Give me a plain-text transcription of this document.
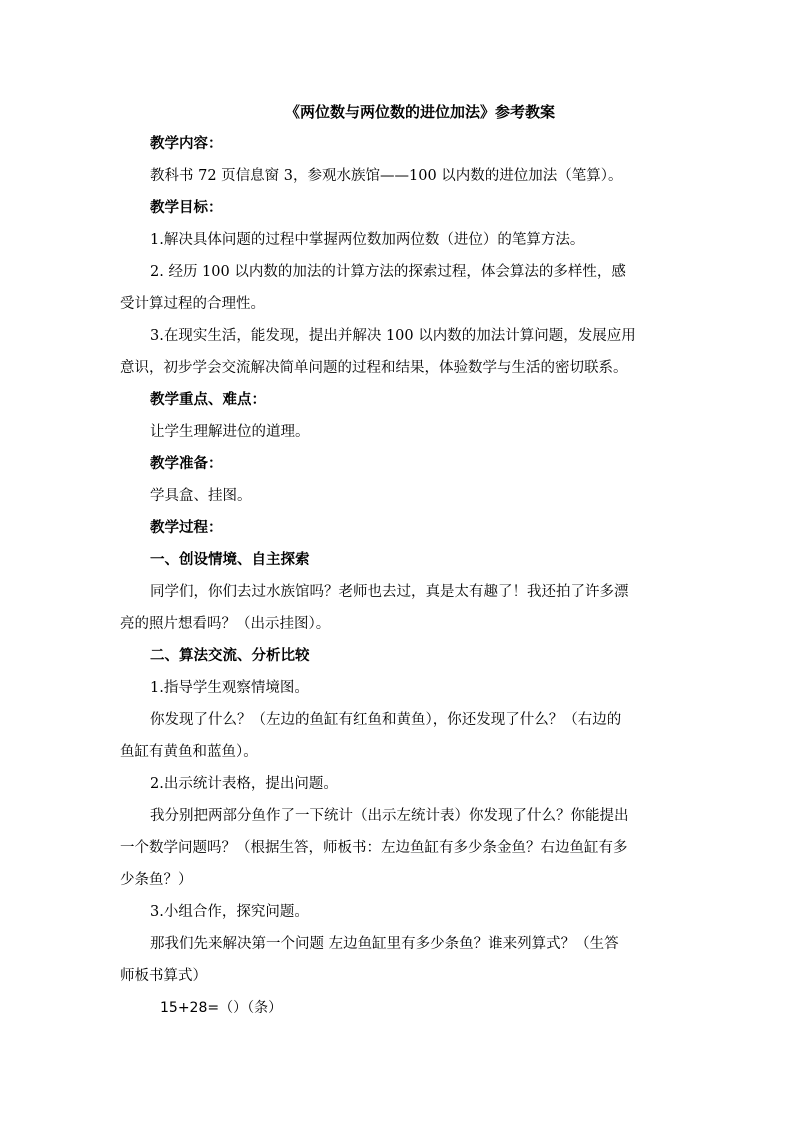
《两位数与两位数的进位加法》参考教案

教学内容：

教科书 72 页信息窗 3，参观水族馆——100 以内数的进位加法（笔算）。

教学目标：

1.解决具体问题的过程中掌握两位数加两位数（进位）的笔算方法。

2. 经历 100 以内数的加法的计算方法的探索过程，体会算法的多样性，感

受计算过程的合理性。

3.在现实生活，能发现，提出并解决 100 以内数的加法计算问题，发展应用

意识，初步学会交流解决简单问题的过程和结果，体验数学与生活的密切联系。

教学重点、难点：

让学生理解进位的道理。

教学准备：

学具盒、挂图。

教学过程：

一、创设情境、自主探索

同学们，你们去过水族馆吗？老师也去过，真是太有趣了！我还拍了许多漂

亮的照片想看吗？（出示挂图）。

二、算法交流、分析比较

1.指导学生观察情境图。

你发现了什么？（左边的鱼缸有红鱼和黄鱼），你还发现了什么？（右边的

鱼缸有黄鱼和蓝鱼）。

2.出示统计表格，提出问题。

我分别把两部分鱼作了一下统计（出示左统计表）你发现了什么？你能提出

一个数学问题吗？（根据生答，师板书：左边鱼缸有多少条金鱼？右边鱼缸有多

少条鱼？）

3.小组合作，探究问题。

那我们先来解决第一个问题 左边鱼缸里有多少条鱼？谁来列算式？（生答

师板书算式）

15+28=（）（条）
